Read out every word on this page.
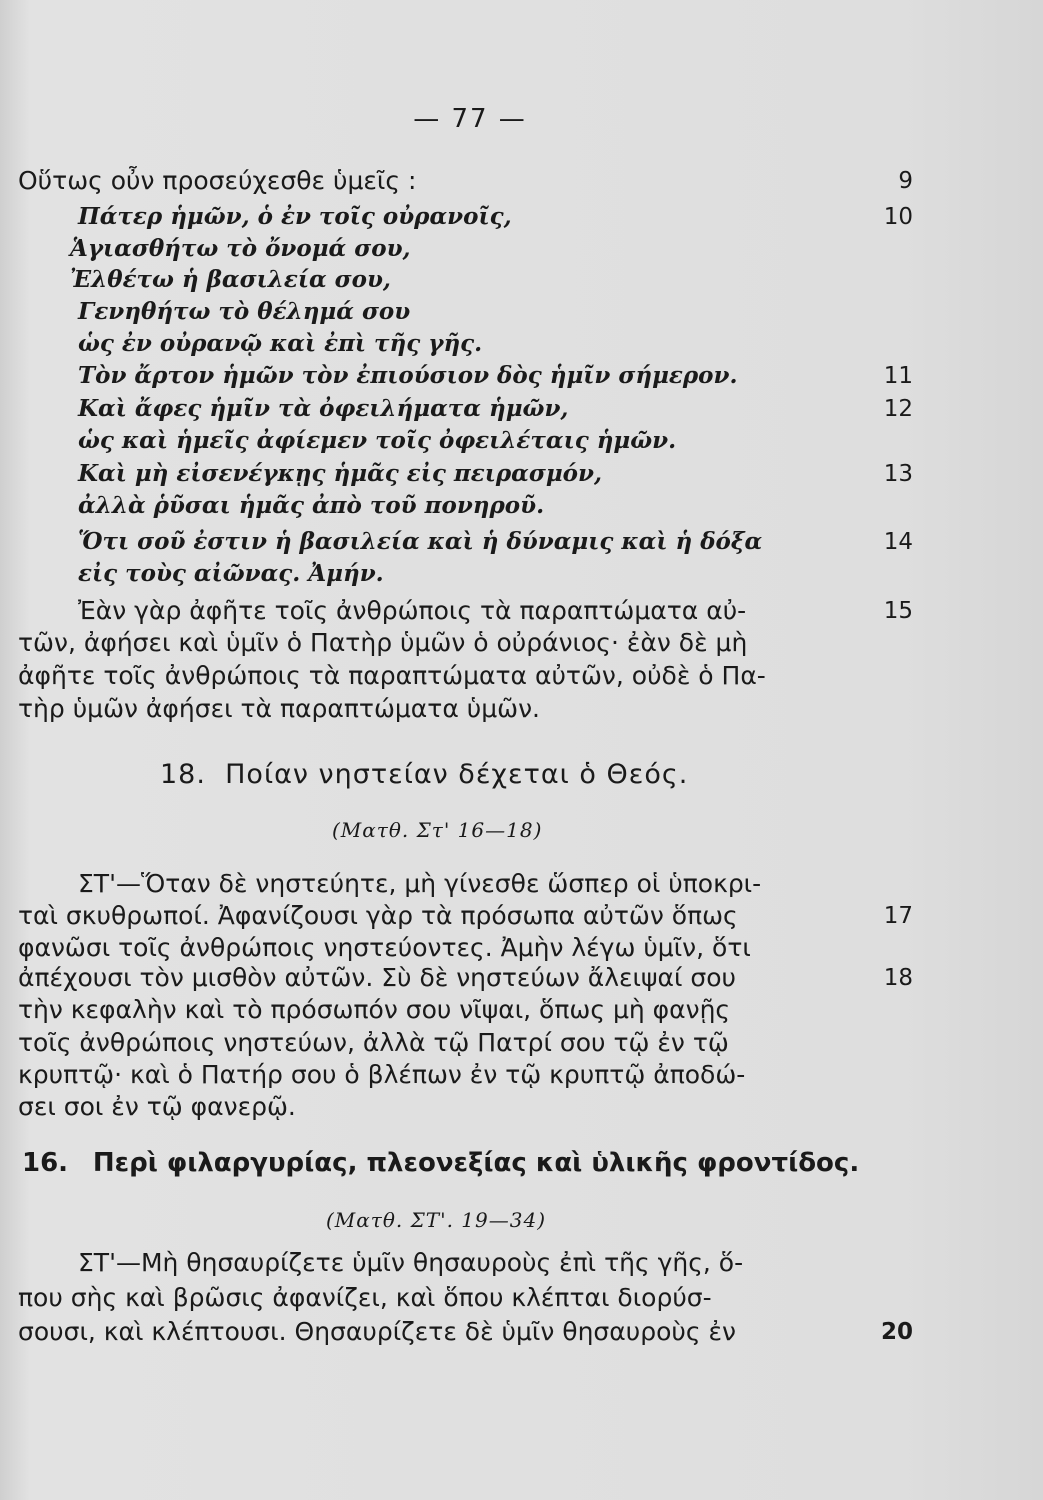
— 77 —
Οὕτως οὖν προσεύχεσθε ὑμεῖς :	9
Πάτερ ἡμῶν, ὁ ἐν τοῖς οὐρανοῖς,	10
Ἁγιασθήτω τὸ ὄνομά σου,
Ἐλθέτω ἡ βασιλεία σου,
Γενηθήτω τὸ θέλημά σου
ὡς ἐν οὐρανῷ καὶ ἐπὶ τῆς γῆς.
Τὸν ἄρτον ἡμῶν τὸν ἐπιούσιον δὸς ἡμῖν σήμερον.	11
Καὶ ἄφες ἡμῖν τὰ ὀφειλήματα ἡμῶν,	12
ὡς καὶ ἡμεῖς ἀφίεμεν τοῖς ὀφειλέταις ἡμῶν.
Καὶ μὴ εἰσενέγκῃς ἡμᾶς εἰς πειρασμόν,	13
ἀλλὰ ῥῦσαι ἡμᾶς ἀπὸ τοῦ πονηροῦ.
Ὅτι σοῦ ἐστιν ἡ βασιλεία καὶ ἡ δύναμις καὶ ἡ δόξα	14
εἰς τοὺς αἰῶνας. Ἀμήν.
Ἐὰν γὰρ ἀφῆτε τοῖς ἀνθρώποις τὰ παραπτώματα αὐ-	15
τῶν, ἀφήσει καὶ ὑμῖν ὁ Πατὴρ ὑμῶν ὁ οὐράνιος· ἐὰν δὲ μὴ
ἀφῆτε τοῖς ἀνθρώποις τὰ παραπτώματα αὐτῶν, οὐδὲ ὁ Πα-
τὴρ ὑμῶν ἀφήσει τὰ παραπτώματα ὑμῶν.
18. Ποίαν νηστείαν δέχεται ὁ Θεός.
(Ματθ. Στ' 16—18)
ΣΤ'—Ὅταν δὲ νηστεύητε, μὴ γίνεσθε ὥσπερ οἱ ὑποκρι-
ταὶ σκυθρωποί. Ἀφανίζουσι γὰρ τὰ πρόσωπα αὐτῶν ὅπως	17
φανῶσι τοῖς ἀνθρώποις νηστεύοντες. Ἀμὴν λέγω ὑμῖν, ὅτι
ἀπέχουσι τὸν μισθὸν αὐτῶν. Σὺ δὲ νηστεύων ἄλειψαί σου	18
τὴν κεφαλὴν καὶ τὸ πρόσωπόν σου νῖψαι, ὅπως μὴ φανῇς
τοῖς ἀνθρώποις νηστεύων, ἀλλὰ τῷ Πατρί σου τῷ ἐν τῷ
κρυπτῷ· καὶ ὁ Πατήρ σου ὁ βλέπων ἐν τῷ κρυπτῷ ἀποδώ-
σει σοι ἐν τῷ φανερῷ.
16. Περὶ φιλαργυρίας, πλεονεξίας καὶ ὑλικῆς φροντίδος.
(Ματθ. ΣΤ'. 19—34)
ΣΤ'—Μὴ θησαυρίζετε ὑμῖν θησαυροὺς ἐπὶ τῆς γῆς, ὅ-
που σὴς καὶ βρῶσις ἀφανίζει, καὶ ὅπου κλέπται διορύσ-
σουσι, καὶ κλέπτουσι. Θησαυρίζετε δὲ ὑμῖν θησαυροὺς ἐν	20
